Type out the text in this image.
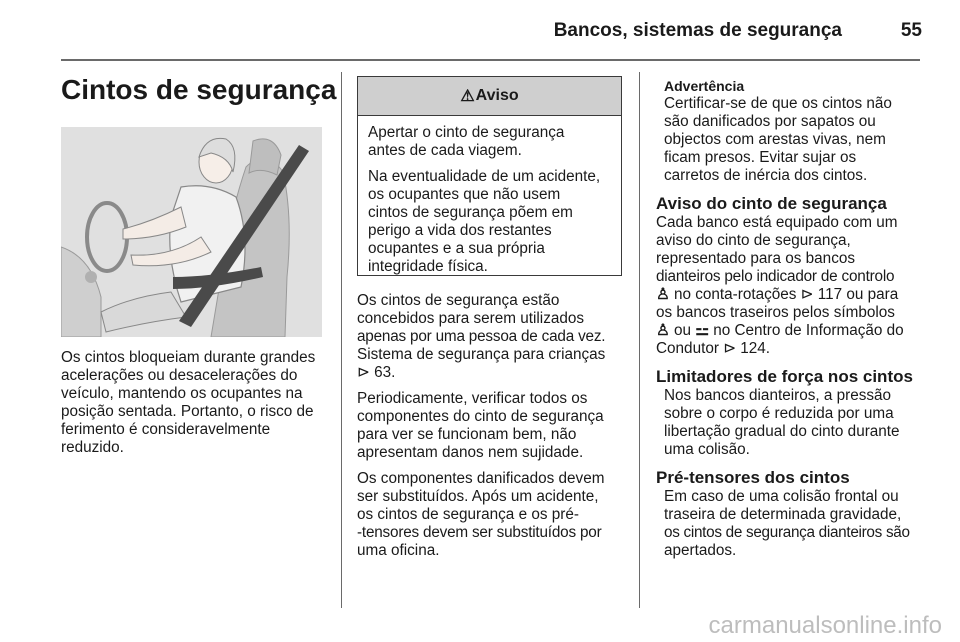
Bancos, sistemas de segurança	55
Cintos de segurança
Os cintos bloqueiam durante grandes
acelerações ou desacelerações do
veículo, mantendo os ocupantes na
posição sentada. Portanto, o risco de
ferimento é consideravelmente
reduzido.
⚠ Aviso

Apertar o cinto de segurança
antes de cada viagem.

Na eventualidade de um acidente,
os ocupantes que não usem
cintos de segurança põem em
perigo a vida dos restantes
ocupantes e a sua própria
integridade física.

Os cintos de segurança estão
concebidos para serem utilizados
apenas por uma pessoa de cada vez.
Sistema de segurança para crianças
⊳ 63.

Periodicamente, verificar todos os
componentes do cinto de segurança
para ver se funcionam bem, não
apresentam danos nem sujidade.

Os componentes danificados devem
ser substituídos. Após um acidente,
os cintos de segurança e os pré-
-tensores devem ser substituídos por
uma oficina.

Advertência
Certificar-se de que os cintos não
são danificados por sapatos ou
objectos com arestas vivas, nem
ficam presos. Evitar sujar os
carretos de inércia dos cintos.
Aviso do cinto de segurança
Cada banco está equipado com um
aviso do cinto de segurança,
representado para os bancos
dianteiros pelo indicador de controlo
♙ no conta-rotações ⊳ 117 ou para
os bancos traseiros pelos símbolos
♙ ou ⚍ no Centro de Informação do
Condutor ⊳ 124.
Limitadores de força nos cintos
Nos bancos dianteiros, a pressão
sobre o corpo é reduzida por uma
libertação gradual do cinto durante
uma colisão.
Pré-tensores dos cintos
Em caso de uma colisão frontal ou
traseira de determinada gravidade,
os cintos de segurança dianteiros são
apertados.
carmanualsonline.info
